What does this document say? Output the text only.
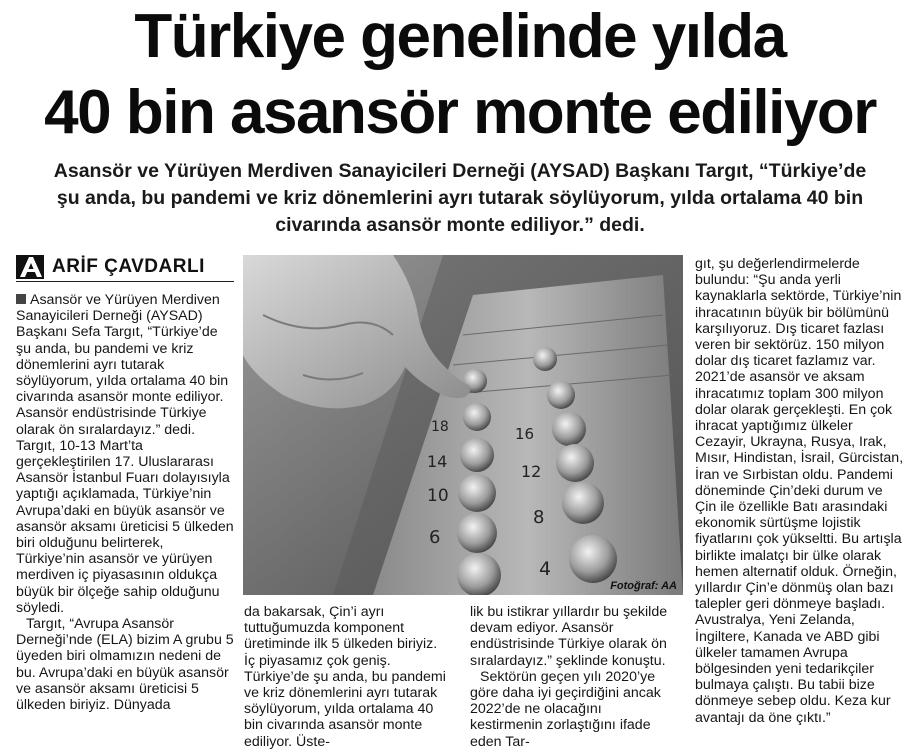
Türkiye genelinde yılda
40 bin asansör monte ediliyor
Asansör ve Yürüyen Merdiven Sanayicileri Derneği (AYSAD) Başkanı Targıt, “Türkiye’de
şu anda, bu pandemi ve kriz dönemlerini ayrı tutarak söylüyorum, yılda ortalama 40 bin
civarında asansör monte ediliyor.” dedi.
ARİF ÇAVDARLI

Asansör ve Yürüyen Merdiven Sanayicileri Derneği (AYSAD) Başkanı Sefa Targıt, “Türkiye’de şu anda, bu pandemi ve kriz dönemlerini ayrı tutarak söylüyorum, yılda ortalama 40 bin civarında asansör monte ediliyor. Asansör endüstrisinde Türkiye olarak ön sıralardayız.” dedi. Targıt, 10-13 Mart’ta gerçekleştirilen 17. Uluslararası Asansör İstanbul Fuarı dolayısıyla yaptığı açıklamada, Türkiye’nin Avrupa’daki en büyük asansör ve asansör aksamı üreticisi 5 ülkeden biri olduğunu belirterek, Türkiye’nin asansör ve yürüyen merdiven iç piyasasının oldukça büyük bir ölçeğe sahip olduğunu söyledi.

Targıt, “Avrupa Asansör Derneği’nde (ELA) bizim A grubu 5 üyeden biri olmamızın nedeni de bu. Avrupa’daki en büyük asansör ve asansör aksamı üreticisi 5 ülkeden biriyiz. Dünyada

18	16
14
12
10
8
6
4
Fotoğraf: AA

da bakarsak, Çin’i ayrı tuttuğumuzda komponent üretiminde ilk 5 ülkeden biriyiz. İç piyasamız çok geniş. Türkiye’de şu anda, bu pandemi ve kriz dönemlerini ayrı tutarak söylüyorum, yılda ortalama 40 bin civarında asansör monte ediliyor. Üste-

lik bu istikrar yıllardır bu şekilde devam ediyor. Asansör endüstrisinde Türkiye olarak ön sıralardayız.” şeklinde konuştu.

Sektörün geçen yılı 2020’ye göre daha iyi geçirdiğini ancak 2022’de ne olacağını kestirmenin zorlaştığını ifade eden Tar-

gıt, şu değerlendirmelerde bulundu: “Şu anda yerli kaynaklarla sektörde, Türkiye’nin ihracatının büyük bir bölümünü karşılıyoruz. Dış ticaret fazlası veren bir sektörüz. 150 milyon dolar dış ticaret fazlamız var. 2021’de asansör ve aksam ihracatımız toplam 300 milyon dolar olarak gerçekleşti. En çok ihracat yaptığımız ülkeler Cezayir, Ukrayna, Rusya, Irak, Mısır, Hindistan, İsrail, Gürcistan, İran ve Sırbistan oldu. Pandemi döneminde Çin’deki durum ve Çin ile özellikle Batı arasındaki ekonomik sürtüşme lojistik fiyatlarını çok yükseltti. Bu artışla birlikte imalatçı bir ülke olarak hemen alternatif olduk. Örneğin, yıllardır Çin’e dönmüş olan bazı talepler geri dönmeye başladı. Avustralya, Yeni Zelanda, İngiltere, Kanada ve ABD gibi ülkeler tamamen Avrupa bölgesinden yeni tedarikçiler bulmaya çalıştı. Bu tabii bize dönmeye sebep oldu. Keza kur avantajı da öne çıktı.”
